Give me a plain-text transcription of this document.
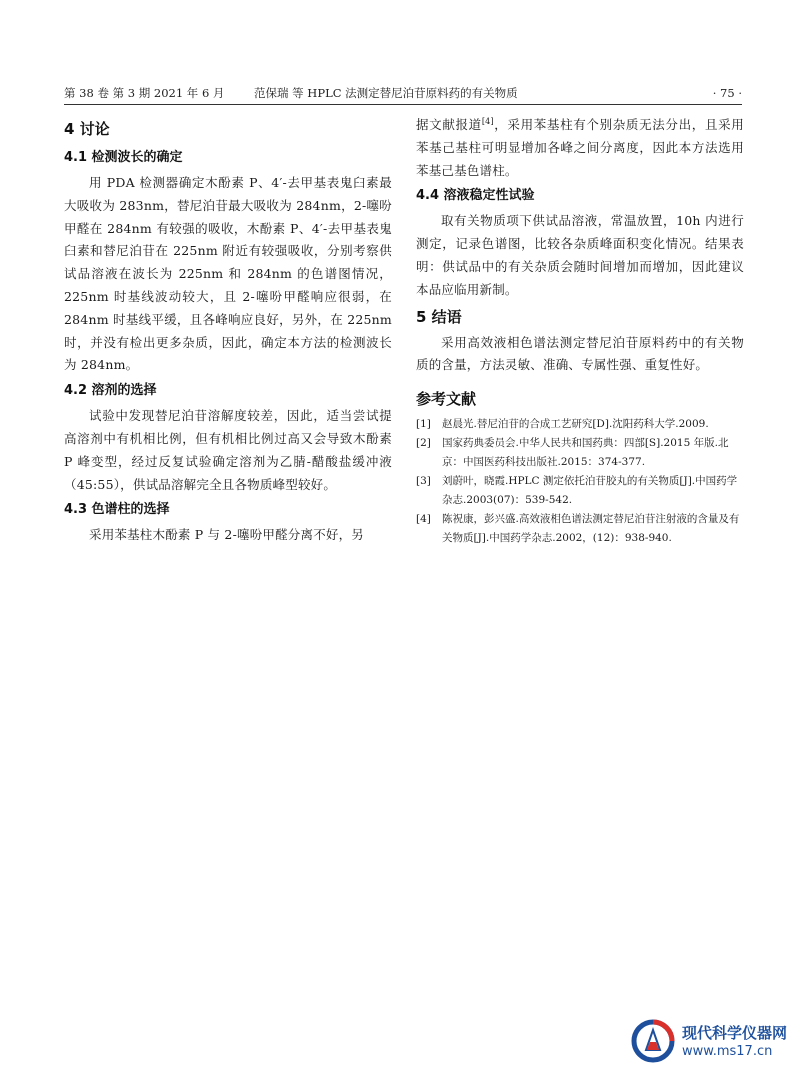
第 38 卷 第 3 期 2021 年 6 月	范保瑞 等 HPLC 法测定替尼泊苷原料药的有关物质	· 75 ·
4 讨论
4.1 检测波长的确定

用 PDA 检测器确定木酚素 P、4′-去甲基表鬼臼素最大吸收为 283nm，替尼泊苷最大吸收为 284nm，2-噻吩甲醛在 284nm 有较强的吸收，木酚素 P、4′-去甲基表鬼臼素和替尼泊苷在 225nm 附近有较强吸收，分别考察供试品溶液在波长为 225nm 和 284nm 的色谱图情况，225nm 时基线波动较大，且 2-噻吩甲醛响应很弱，在 284nm 时基线平缓，且各峰响应良好，另外，在 225nm 时，并没有检出更多杂质，因此，确定本方法的检测波长为 284nm。

4.2 溶剂的选择

试验中发现替尼泊苷溶解度较差，因此，适当尝试提高溶剂中有机相比例，但有机相比例过高又会导致木酚素 P 峰变型，经过反复试验确定溶剂为乙腈-醋酸盐缓冲液（45:55），供试品溶解完全且各物质峰型较好。

4.3 色谱柱的选择

采用苯基柱木酚素 P 与 2-噻吩甲醛分离不好，另

据文献报道[4]，采用苯基柱有个别杂质无法分出，且采用苯基己基柱可明显增加各峰之间分离度，因此本方法选用苯基己基色谱柱。

4.4 溶液稳定性试验

取有关物质项下供试品溶液，常温放置，10h 内进行测定，记录色谱图，比较各杂质峰面积变化情况。结果表明：供试品中的有关杂质会随时间增加而增加，因此建议本品应临用新制。

5 结语

采用高效液相色谱法测定替尼泊苷原料药中的有关物质的含量，方法灵敏、准确、专属性强、重复性好。

参考文献
[1] 赵晨光.替尼泊苷的合成工艺研究[D].沈阳药科大学.2009.
[2] 国家药典委员会.中华人民共和国药典：四部[S].2015 年版.北京：中国医药科技出版社.2015：374-377.
[3] 刘蔚叶，晓霞.HPLC 测定依托泊苷胶丸的有关物质[J].中国药学杂志.2003(07)：539-542.
[4] 陈祝康，彭兴盛.高效液相色谱法测定替尼泊苷注射液的含量及有关物质[J].中国药学杂志.2002，(12)：938-940.
现代科学仪器网
www.ms17.cn
